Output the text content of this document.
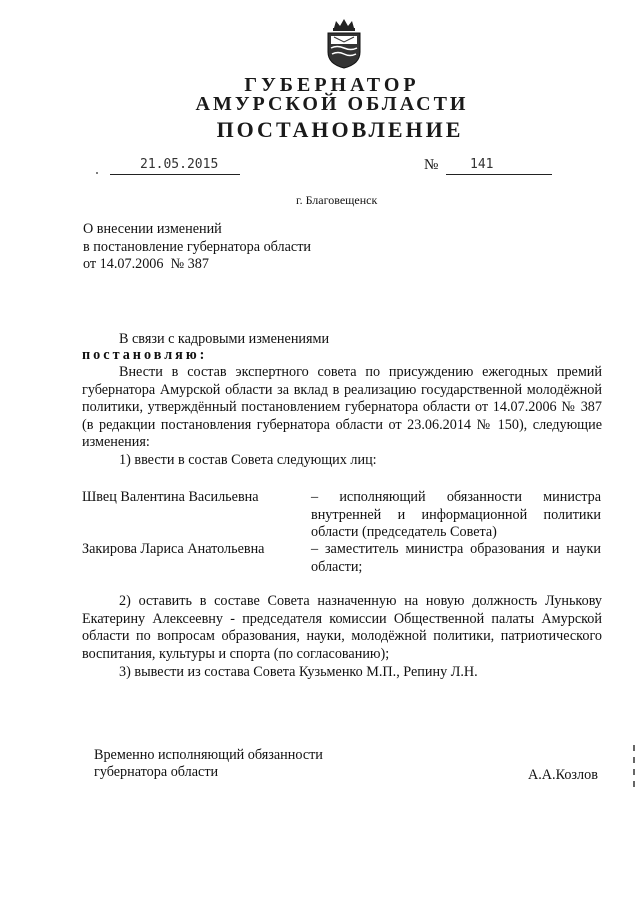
ГУБЕРНАТОР
АМУРСКОЙ ОБЛАСТИ
ПОСТАНОВЛЕНИЕ
21.05.2015	№ 141
г. Благовещенск
О внесении изменений
в постановление губернатора области
от 14.07.2006  № 387
В связи с кадровыми изменениями
постановляю:
Внести в состав экспертного совета по присуждению ежегодных премий губернатора Амурской области за вклад в реализацию государственной молодёжной политики, утверждённый постановлением губернатора области от 14.07.2006 № 387 (в редакции постановления губернатора области от 23.06.2014 № 150), следующие изменения:
1) ввести в состав Совета следующих лиц:
Швец Валентина Васильевна	– исполняющий обязанности министра внутренней и информационной политики области (председатель Совета)
Закирова Лариса Анатольевна	– заместитель министра образования и науки области;
2) оставить в составе Совета назначенную на новую должность Лунькову Екатерину Алексеевну - председателя комиссии Общественной палаты Амурской области по вопросам образования, науки, молодёжной политики, патриотического воспитания, культуры и спорта (по согласованию);
3) вывести из состава Совета Кузьменко М.П., Репину Л.Н.
Временно исполняющий обязанности
губернатора области	А.А.Козлов
